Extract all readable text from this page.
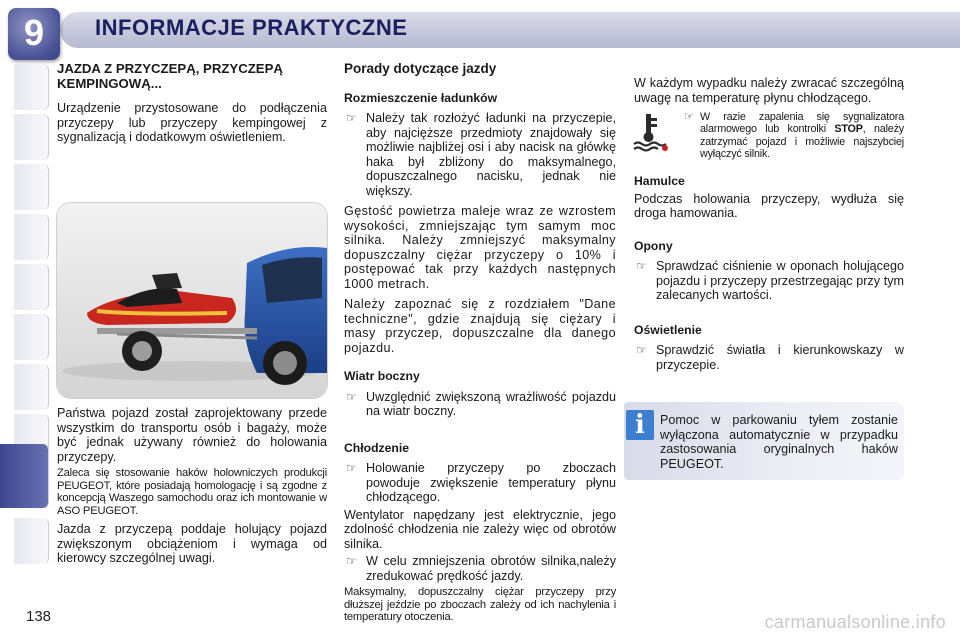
9	INFORMACJE PRAKTYCZNE
JAZDA Z PRZYCZEPĄ, PRZYCZEPĄ KEMPINGOWĄ...

Urządzenie przystosowane do podłączenia przyczepy lub przyczepy kempingowej z sygnalizacją i dodatkowym oświetleniem.

Państwa pojazd został zaprojektowany przede wszystkim do transportu osób i bagaży, może być jednak używany również do holowania przyczepy.

Zaleca się stosowanie haków holowniczych produkcji PEUGEOT, które posiadają homologację i są zgodne z koncepcją Waszego samochodu oraz ich montowanie w ASO PEUGEOT.

Jazda z przyczepą poddaje holujący pojazd zwiększonym obciążeniom i wymaga od kierowcy szczególnej uwagi.

Porady dotyczące jazdy
Rozmieszczenie ładunków

☞ Należy tak rozłożyć ładunki na przyczepie, aby najcięższe przedmioty znajdowały się możliwie najbliżej osi i aby nacisk na główkę haka był zbliżony do maksymalnego, dopuszczalnego nacisku, jednak nie większy.

Gęstość powietrza maleje wraz ze wzrostem wysokości, zmniejszając tym samym moc silnika. Należy zmniejszyć maksymalny dopuszczalny ciężar przyczepy o 10% i postępować tak przy każdych następnych 1000 metrach.

Należy zapoznać się z rozdziałem "Dane techniczne", gdzie znajdują się ciężary i masy przyczep, dopuszczalne dla danego pojazdu.

Wiatr boczny

☞ Uwzględnić zwiększoną wrażliwość pojazdu na wiatr boczny.

Chłodzenie

☞ Holowanie przyczepy po zboczach powoduje zwiększenie temperatury płynu chłodzącego.

Wentylator napędzany jest elektrycznie, jego zdolność chłodzenia nie zależy więc od obrotów silnika.

☞ W celu zmniejszenia obrotów silnika,należy zredukować prędkość jazdy.

Maksymalny, dopuszczalny ciężar przyczepy przy dłuższej jeździe po zboczach zależy od ich nachylenia i temperatury otoczenia.

W każdym wypadku należy zwracać szczególną uwagę na temperaturę płynu chłodzącego.

☞ W razie zapalenia się sygnalizatora alarmowego lub kontrolki STOP, należy zatrzymać pojazd i możliwie najszybciej wyłączyć silnik.

Hamulce

Podczas holowania przyczepy, wydłuża się droga hamowania.

Opony

☞ Sprawdzać ciśnienie w oponach holującego pojazdu i przyczepy przestrzegając przy tym zalecanych wartości.

Oświetlenie

☞ Sprawdzić światła i kierunkowskazy w przyczepie.

i	Pomoc w parkowaniu tyłem zostanie wyłączona automatycznie w przypadku zastosowania oryginalnych haków PEUGEOT.
138	carmanualsonline.info
